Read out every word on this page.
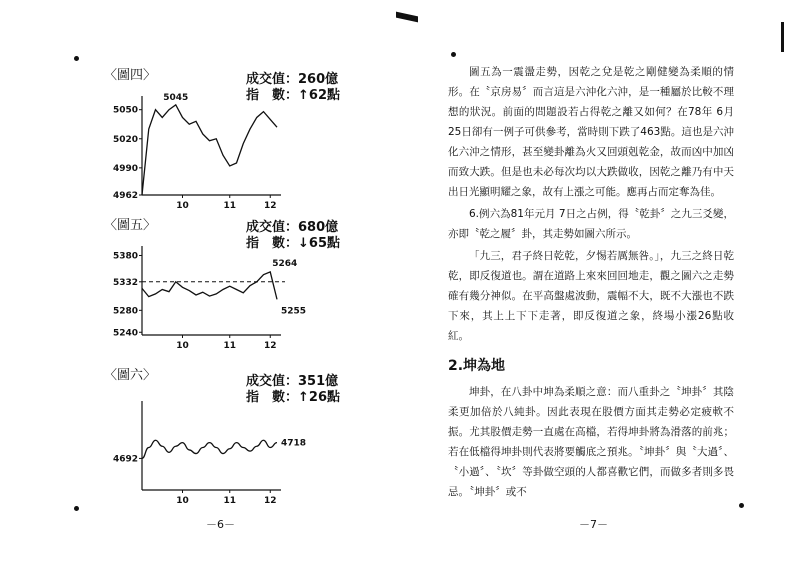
〈圖四〉	成交值：260億
指　數：↑62點
5050
5020
4990
4962
10	11	12
5045
〈圖五〉	成交值：680億
指　數：↓65點
5380
5332
5280
5240
10	11	12
5264
5255
〈圖六〉	成交值：351億
指　數：↑26點
4692
10	11	12
4718
－6－

圖五為一震盪走勢，因乾之兌是乾之剛健變為柔順的情形。在〝京房易〞而言這是六沖化六沖，是一種屬於比較不理想的狀況。前面的問題設若占得乾之離又如何？在78年 6月25日卻有一例子可供參考，當時則下跌了463點。這也是六沖化六沖之情形，甚至變卦離為火又回頭剋乾金，故而凶中加凶而致大跌。但是也未必每次均以大跌做收，因乾之離乃有中天出日光顯明耀之象，故有上漲之可能。應再占而定奪為佳。

6.例六為81年元月 7日之占例，得〝乾卦〞之九三爻變，亦即〝乾之履〞卦，其走勢如圖六所示。

「九三，君子終日乾乾，夕惕若厲無咎。」，九三之終日乾乾，即反復道也。謂在道路上來來回回地走，觀之圖六之走勢確有幾分神似。在平高盤處波動，震幅不大，既不大漲也不跌下來，其上上下下走著，即反復道之象，終場小漲26點收紅。

2.坤為地

坤卦，在八卦中坤為柔順之意：而八重卦之〝坤卦〞其陰柔更加倍於八純卦。因此表現在股價方面其走勢必定疲軟不振。尤其股價走勢一直處在高檔，若得坤卦將為滑落的前兆；若在低檔得坤卦則代表將要觸底之預兆。〝坤卦〞與〝大過〞、〝小過〞、〝坎〞等卦做空頭的人都喜歡它們，而做多者則多畏忌。〝坤卦〞或不

－7－
